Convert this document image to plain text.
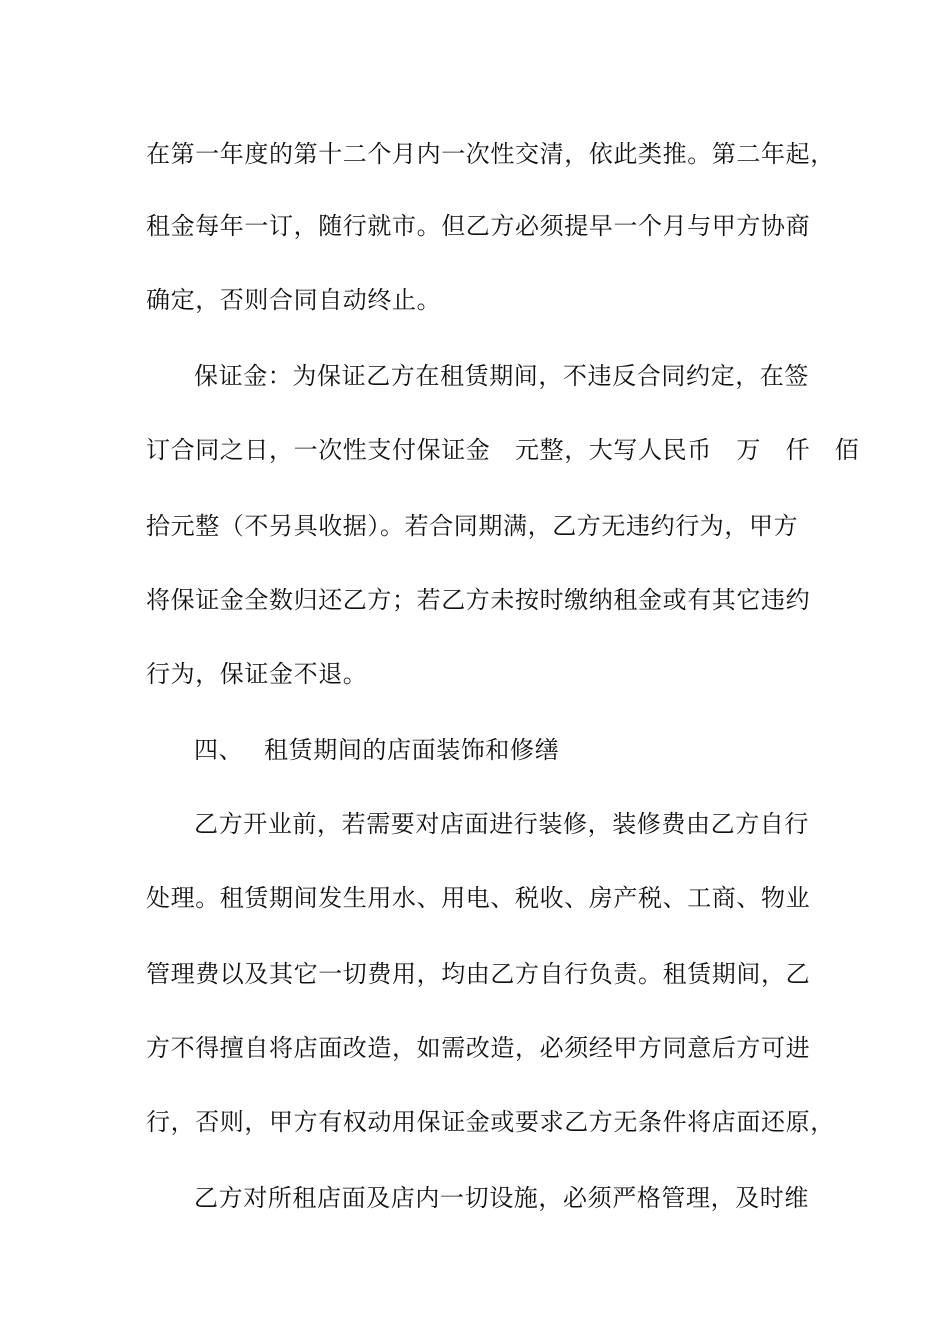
在第一年度的第十二个月内一次性交清，依此类推。第二年起，
租金每年一订，随行就市。但乙方必须提早一个月与甲方协商
确定，否则合同自动终止。
保证金：为保证乙方在租赁期间，不违反合同约定，在签
订合同之日，一次性支付保证金　元整，大写人民币　万　仟　佰
拾元整（不另具收据）。若合同期满，乙方无违约行为，甲方
将保证金全数归还乙方；若乙方未按时缴纳租金或有其它违约
行为，保证金不退。
四、　 租赁期间的店面装饰和修缮
乙方开业前，若需要对店面进行装修，装修费由乙方自行
处理。租赁期间发生用水、用电、税收、房产税、工商、物业
管理费以及其它一切费用，均由乙方自行负责。租赁期间，乙
方不得擅自将店面改造，如需改造，必须经甲方同意后方可进
行，否则，甲方有权动用保证金或要求乙方无条件将店面还原，
乙方对所租店面及店内一切设施，必须严格管理，及时维
